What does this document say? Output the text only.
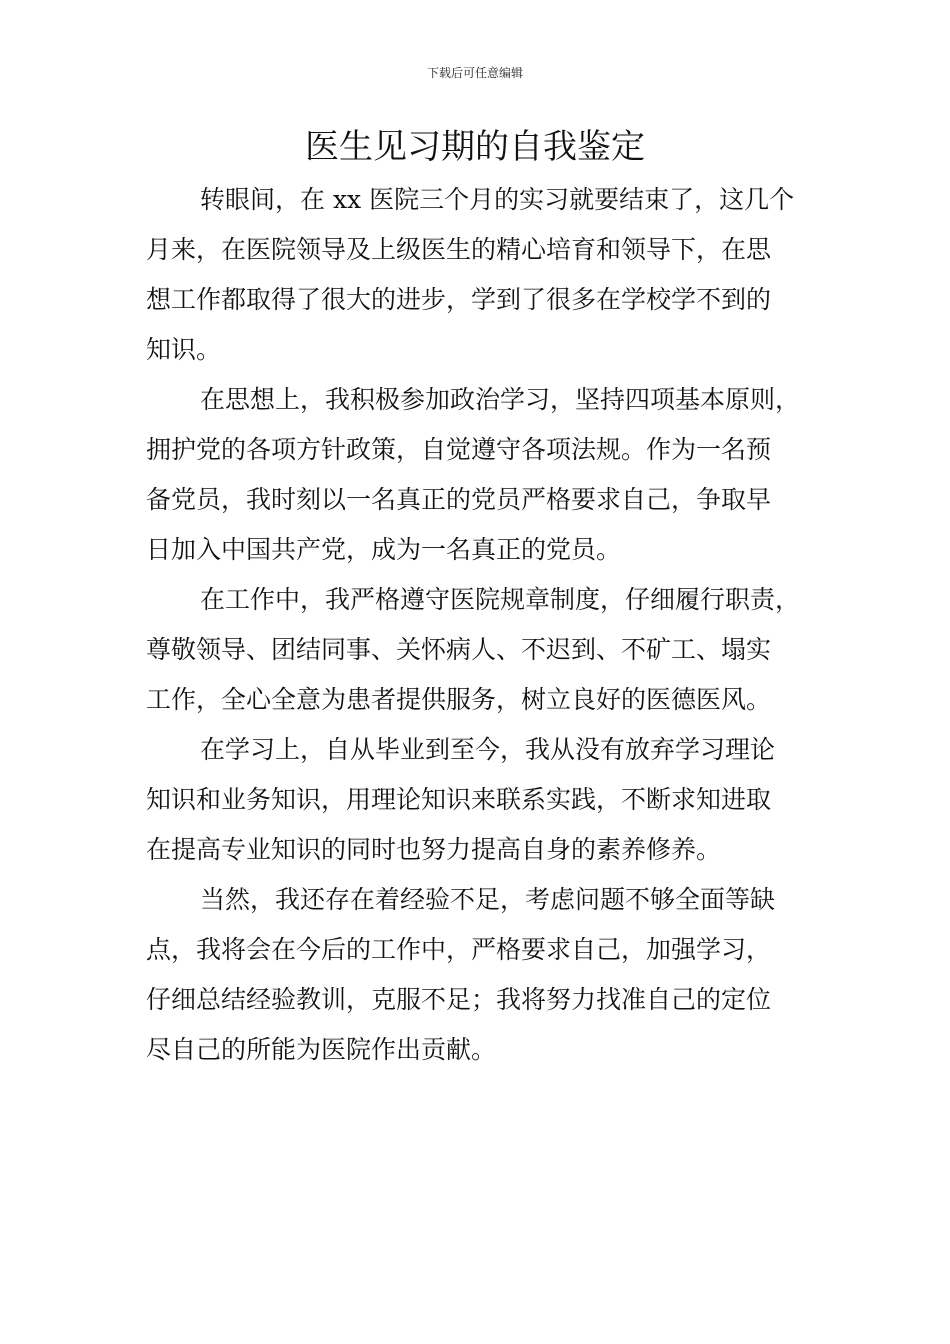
下载后可任意编辑
医生见习期的自我鉴定
转眼间，在 xx 医院三个月的实习就要结束了，这几个
月来，在医院领导及上级医生的精心培育和领导下，在思
想工作都取得了很大的进步，学到了很多在学校学不到的
知识。
在思想上，我积极参加政治学习，坚持四项基本原则，
拥护党的各项方针政策，自觉遵守各项法规。作为一名预
备党员，我时刻以一名真正的党员严格要求自己，争取早
日加入中国共产党，成为一名真正的党员。
在工作中，我严格遵守医院规章制度，仔细履行职责，
尊敬领导、团结同事、关怀病人、不迟到、不矿工、塌实
工作，全心全意为患者提供服务，树立良好的医德医风。
在学习上，自从毕业到至今，我从没有放弃学习理论
知识和业务知识，用理论知识来联系实践，不断求知进取
在提高专业知识的同时也努力提高自身的素养修养。
当然，我还存在着经验不足，考虑问题不够全面等缺
点，我将会在今后的工作中，严格要求自己，加强学习，
仔细总结经验教训，克服不足；我将努力找准自己的定位
尽自己的所能为医院作出贡献。
